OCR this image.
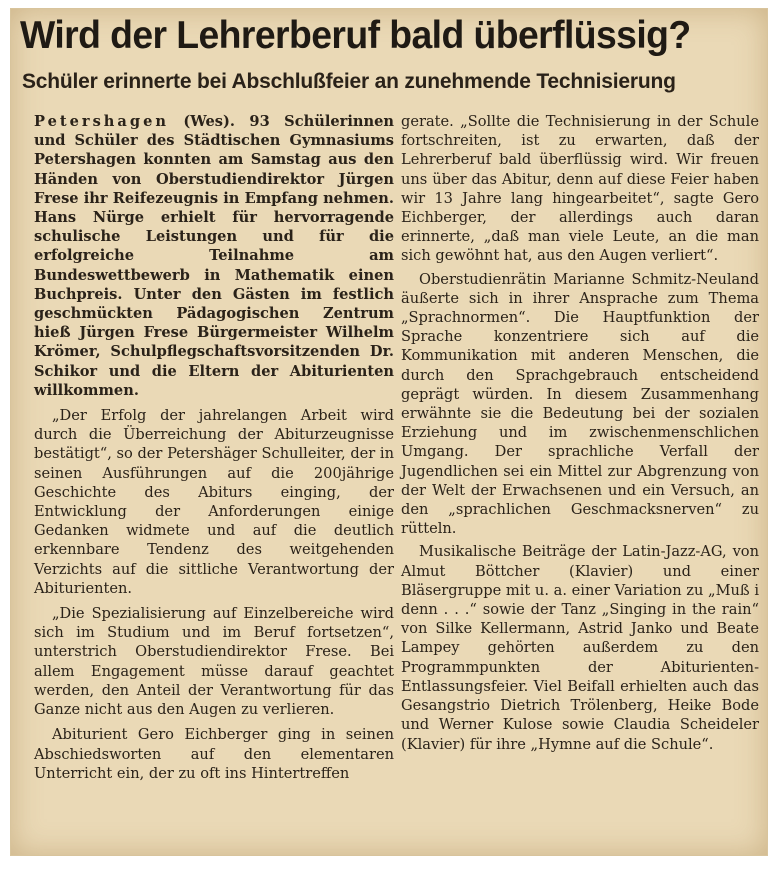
Wird der Lehrerberuf bald überflüssig?
Schüler erinnerte bei Abschlußfeier an zunehmende Technisierung

Petershagen (Wes). 93 Schülerinnen und Schüler des Städtischen Gymnasiums Petershagen konnten am Samstag aus den Händen von Oberstudiendirektor Jürgen Frese ihr Reifezeugnis in Empfang nehmen. Hans Nürge erhielt für hervorragende schulische Leistungen und für die erfolgreiche Teilnahme am Bundeswettbewerb in Mathematik einen Buchpreis. Unter den Gästen im festlich geschmückten Pädagogischen Zentrum hieß Jürgen Frese Bürgermeister Wilhelm Krömer, Schulpflegschaftsvorsitzenden Dr. Schikor und die Eltern der Abiturienten willkommen.

„Der Erfolg der jahrelangen Arbeit wird durch die Überreichung der Abiturzeugnisse bestätigt“, so der Petershäger Schulleiter, der in seinen Ausführungen auf die 200jährige Geschichte des Abiturs einging, der Entwicklung der Anforderungen einige Gedanken widmete und auf die deutlich erkennbare Tendenz des weitgehenden Verzichts auf die sittliche Verantwortung der Abiturienten.

„Die Spezialisierung auf Einzelbereiche wird sich im Studium und im Beruf fortsetzen“, unterstrich Oberstudiendirektor Frese. Bei allem Engagement müsse darauf geachtet werden, den Anteil der Verantwortung für das Ganze nicht aus den Augen zu verlieren.

Abiturient Gero Eichberger ging in seinen Abschiedsworten auf den elementaren Unterricht ein, der zu oft ins Hintertreffen

gerate. „Sollte die Technisierung in der Schule fortschreiten, ist zu erwarten, daß der Lehrerberuf bald überflüssig wird. Wir freuen uns über das Abitur, denn auf diese Feier haben wir 13 Jahre lang hingearbeitet“, sagte Gero Eichberger, der allerdings auch daran erinnerte, „daß man viele Leute, an die man sich gewöhnt hat, aus den Augen verliert“.

Oberstudienrätin Marianne Schmitz-Neuland äußerte sich in ihrer Ansprache zum Thema „Sprachnormen“. Die Hauptfunktion der Sprache konzentriere sich auf die Kommunikation mit anderen Menschen, die durch den Sprachgebrauch entscheidend geprägt würden. In diesem Zusammenhang erwähnte sie die Bedeutung bei der sozialen Erziehung und im zwischenmenschlichen Umgang. Der sprachliche Verfall der Jugendlichen sei ein Mittel zur Abgrenzung von der Welt der Erwachsenen und ein Versuch, an den „sprachlichen Geschmacksnerven“ zu rütteln.

Musikalische Beiträge der Latin-Jazz-AG, von Almut Böttcher (Klavier) und einer Bläsergruppe mit u. a. einer Variation zu „Muß i denn . . .“ sowie der Tanz „Singing in the rain“ von Silke Kellermann, Astrid Janko und Beate Lampey gehörten außerdem zu den Programmpunkten der Abiturienten-Entlassungsfeier. Viel Beifall erhielten auch das Gesangstrio Dietrich Trölenberg, Heike Bode und Werner Kulose sowie Claudia Scheideler (Klavier) für ihre „Hymne auf die Schule“.
